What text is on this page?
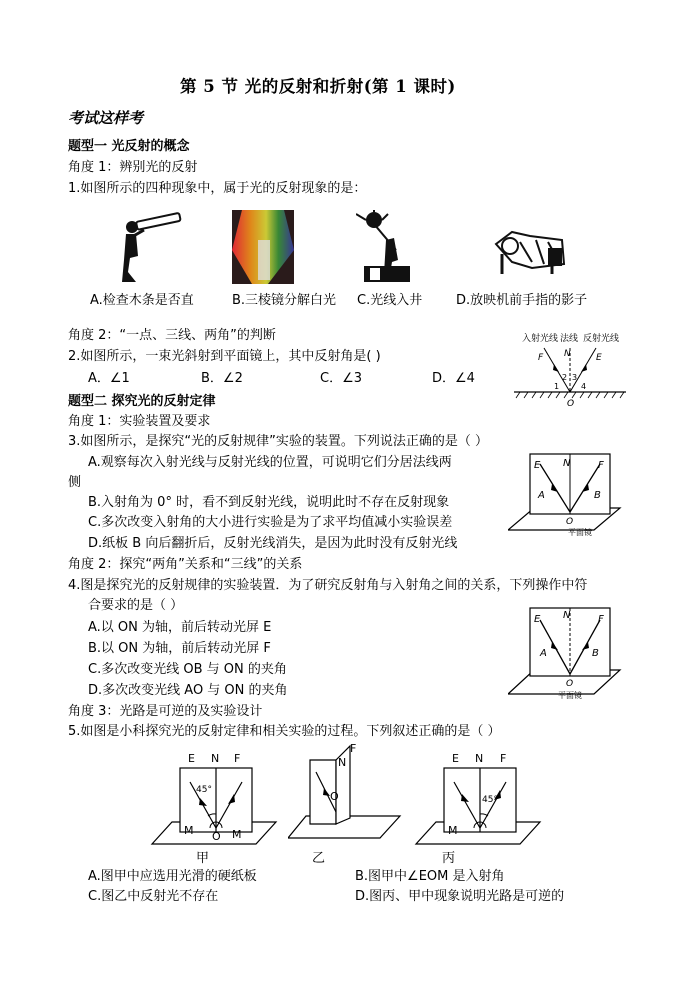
第 5 节 光的反射和折射(第 1 课时)
考试这样考
题型一 光反射的概念
角度 1：辨别光的反射
1.如图所示的四种现象中，属于光的反射现象的是：
A.检查木条是否直	B.三棱镜分解白光 C.光线入井	D.放映机前手指的影子
角度 2：“一点、三线、两角”的判断
2.如图所示，一束光斜射到平面镜上，其中反射角是( )
A．∠1	B．∠2	C．∠3	D．∠4
入射光线 法线 反射光线
F N	E
1
2 3
4
O
题型二 探究光的反射定律
角度 1：实验装置及要求
3.如图所示，是探究“光的反射规律”实验的装置。下列说法正确的是（ ）
A.观察每次入射光线与反射光线的位置，可说明它们分居法线两
侧
B.入射角为 0° 时，看不到反射光线，说明此时不存在反射现象
C.多次改变入射角的大小进行实验是为了求平均值减小实验误差
D.纸板 B 向后翻折后，反射光线消失，是因为此时没有反射光线
E N	F
A	B
O
平面镜
角度 2：探究“两角”关系和“三线”的关系
4.图是探究光的反射规律的实验装置．为了研究反射角与入射角之间的关系，下列操作中符
合要求的是（ ）
A.以 ON 为轴，前后转动光屏 E
B.以 ON 为轴，前后转动光屏 F
C.多次改变光线 OB 与 ON 的夹角
D.多次改变光线 AO 与 ON 的夹角
E N	F
A	B
O
平面镜
角度 3：光路是可逆的及实验设计
5.如图是小科探究光的反射定律和相关实验的过程。下列叙述正确的是（ ）
E N F
45°
O
M	M
甲
F
N
O
乙
E N F
45°
M
丙
A.图甲中应选用光滑的硬纸板	B.图甲中∠EOM 是入射角
C.图乙中反射光不存在	D.图丙、甲中现象说明光路是可逆的
